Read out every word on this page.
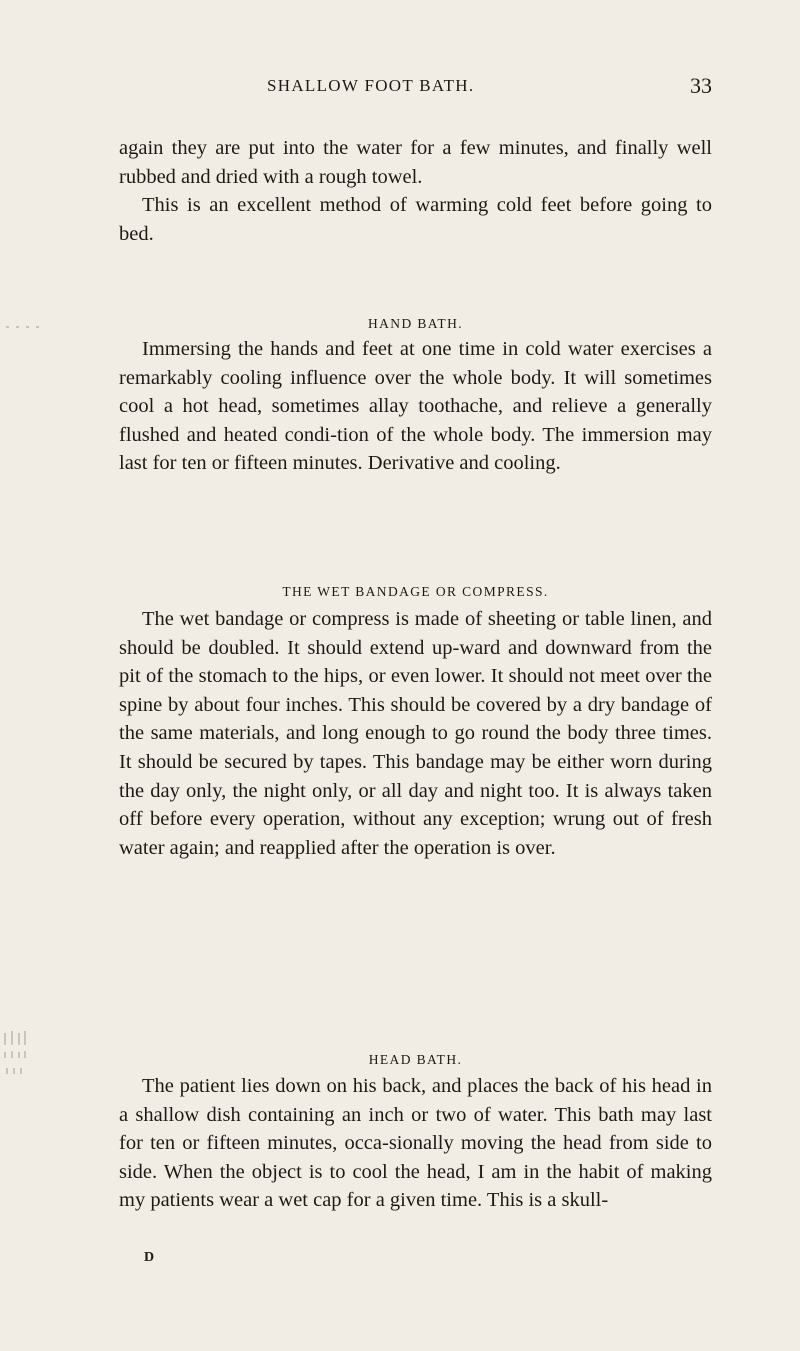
SHALLOW FOOT BATH.	33

again they are put into the water for a few minutes, and finally well rubbed and dried with a rough towel.

This is an excellent method of warming cold feet before going to bed.

HAND BATH.

Immersing the hands and feet at one time in cold water exercises a remarkably cooling influence over the whole body. It will sometimes cool a hot head, sometimes allay toothache, and relieve a generally flushed and heated condi-tion of the whole body. The immersion may last for ten or fifteen minutes. Derivative and cooling.

THE WET BANDAGE OR COMPRESS.

The wet bandage or compress is made of sheeting or table linen, and should be doubled. It should extend up-ward and downward from the pit of the stomach to the hips, or even lower. It should not meet over the spine by about four inches. This should be covered by a dry bandage of the same materials, and long enough to go round the body three times. It should be secured by tapes. This bandage may be either worn during the day only, the night only, or all day and night too. It is always taken off before every operation, without any exception; wrung out of fresh water again; and reapplied after the operation is over.

HEAD BATH.

The patient lies down on his back, and places the back of his head in a shallow dish containing an inch or two of water. This bath may last for ten or fifteen minutes, occa-sionally moving the head from side to side. When the object is to cool the head, I am in the habit of making my patients wear a wet cap for a given time. This is a skull-

D
